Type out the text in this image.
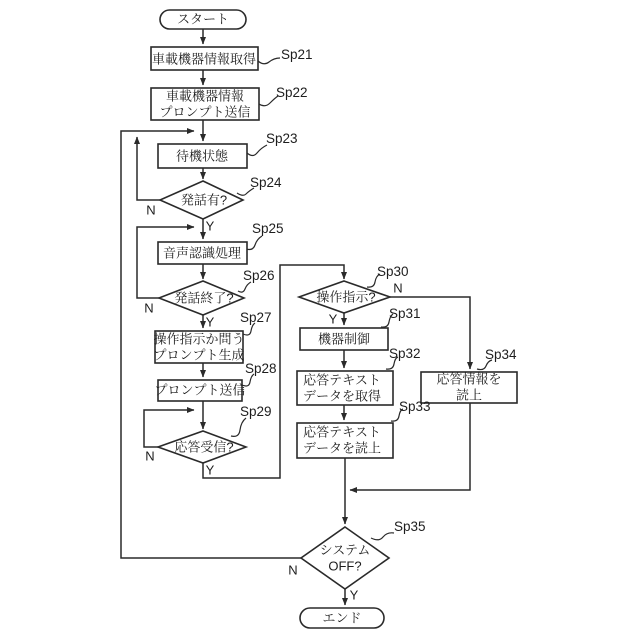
スタート
車載機器情報取得
車載機器情報
プロンプト送信
待機状態
発話有?
音声認識処理
発話終了?
操作指示か問う
プロンプト生成
プロンプト送信
応答受信?
操作指示?
機器制御
応答テキスト
データを取得
応答テキスト
データを読上
応答情報を
読上
システム
OFF?
エンド
Sp21
Sp22
Sp23
Sp24
Sp25
Sp26
Sp27
Sp28
Sp29
Sp30
Sp31
Sp32
Sp33
Sp34
Sp35
N
Y
N
Y
N
Y
N
Y
N
Y
